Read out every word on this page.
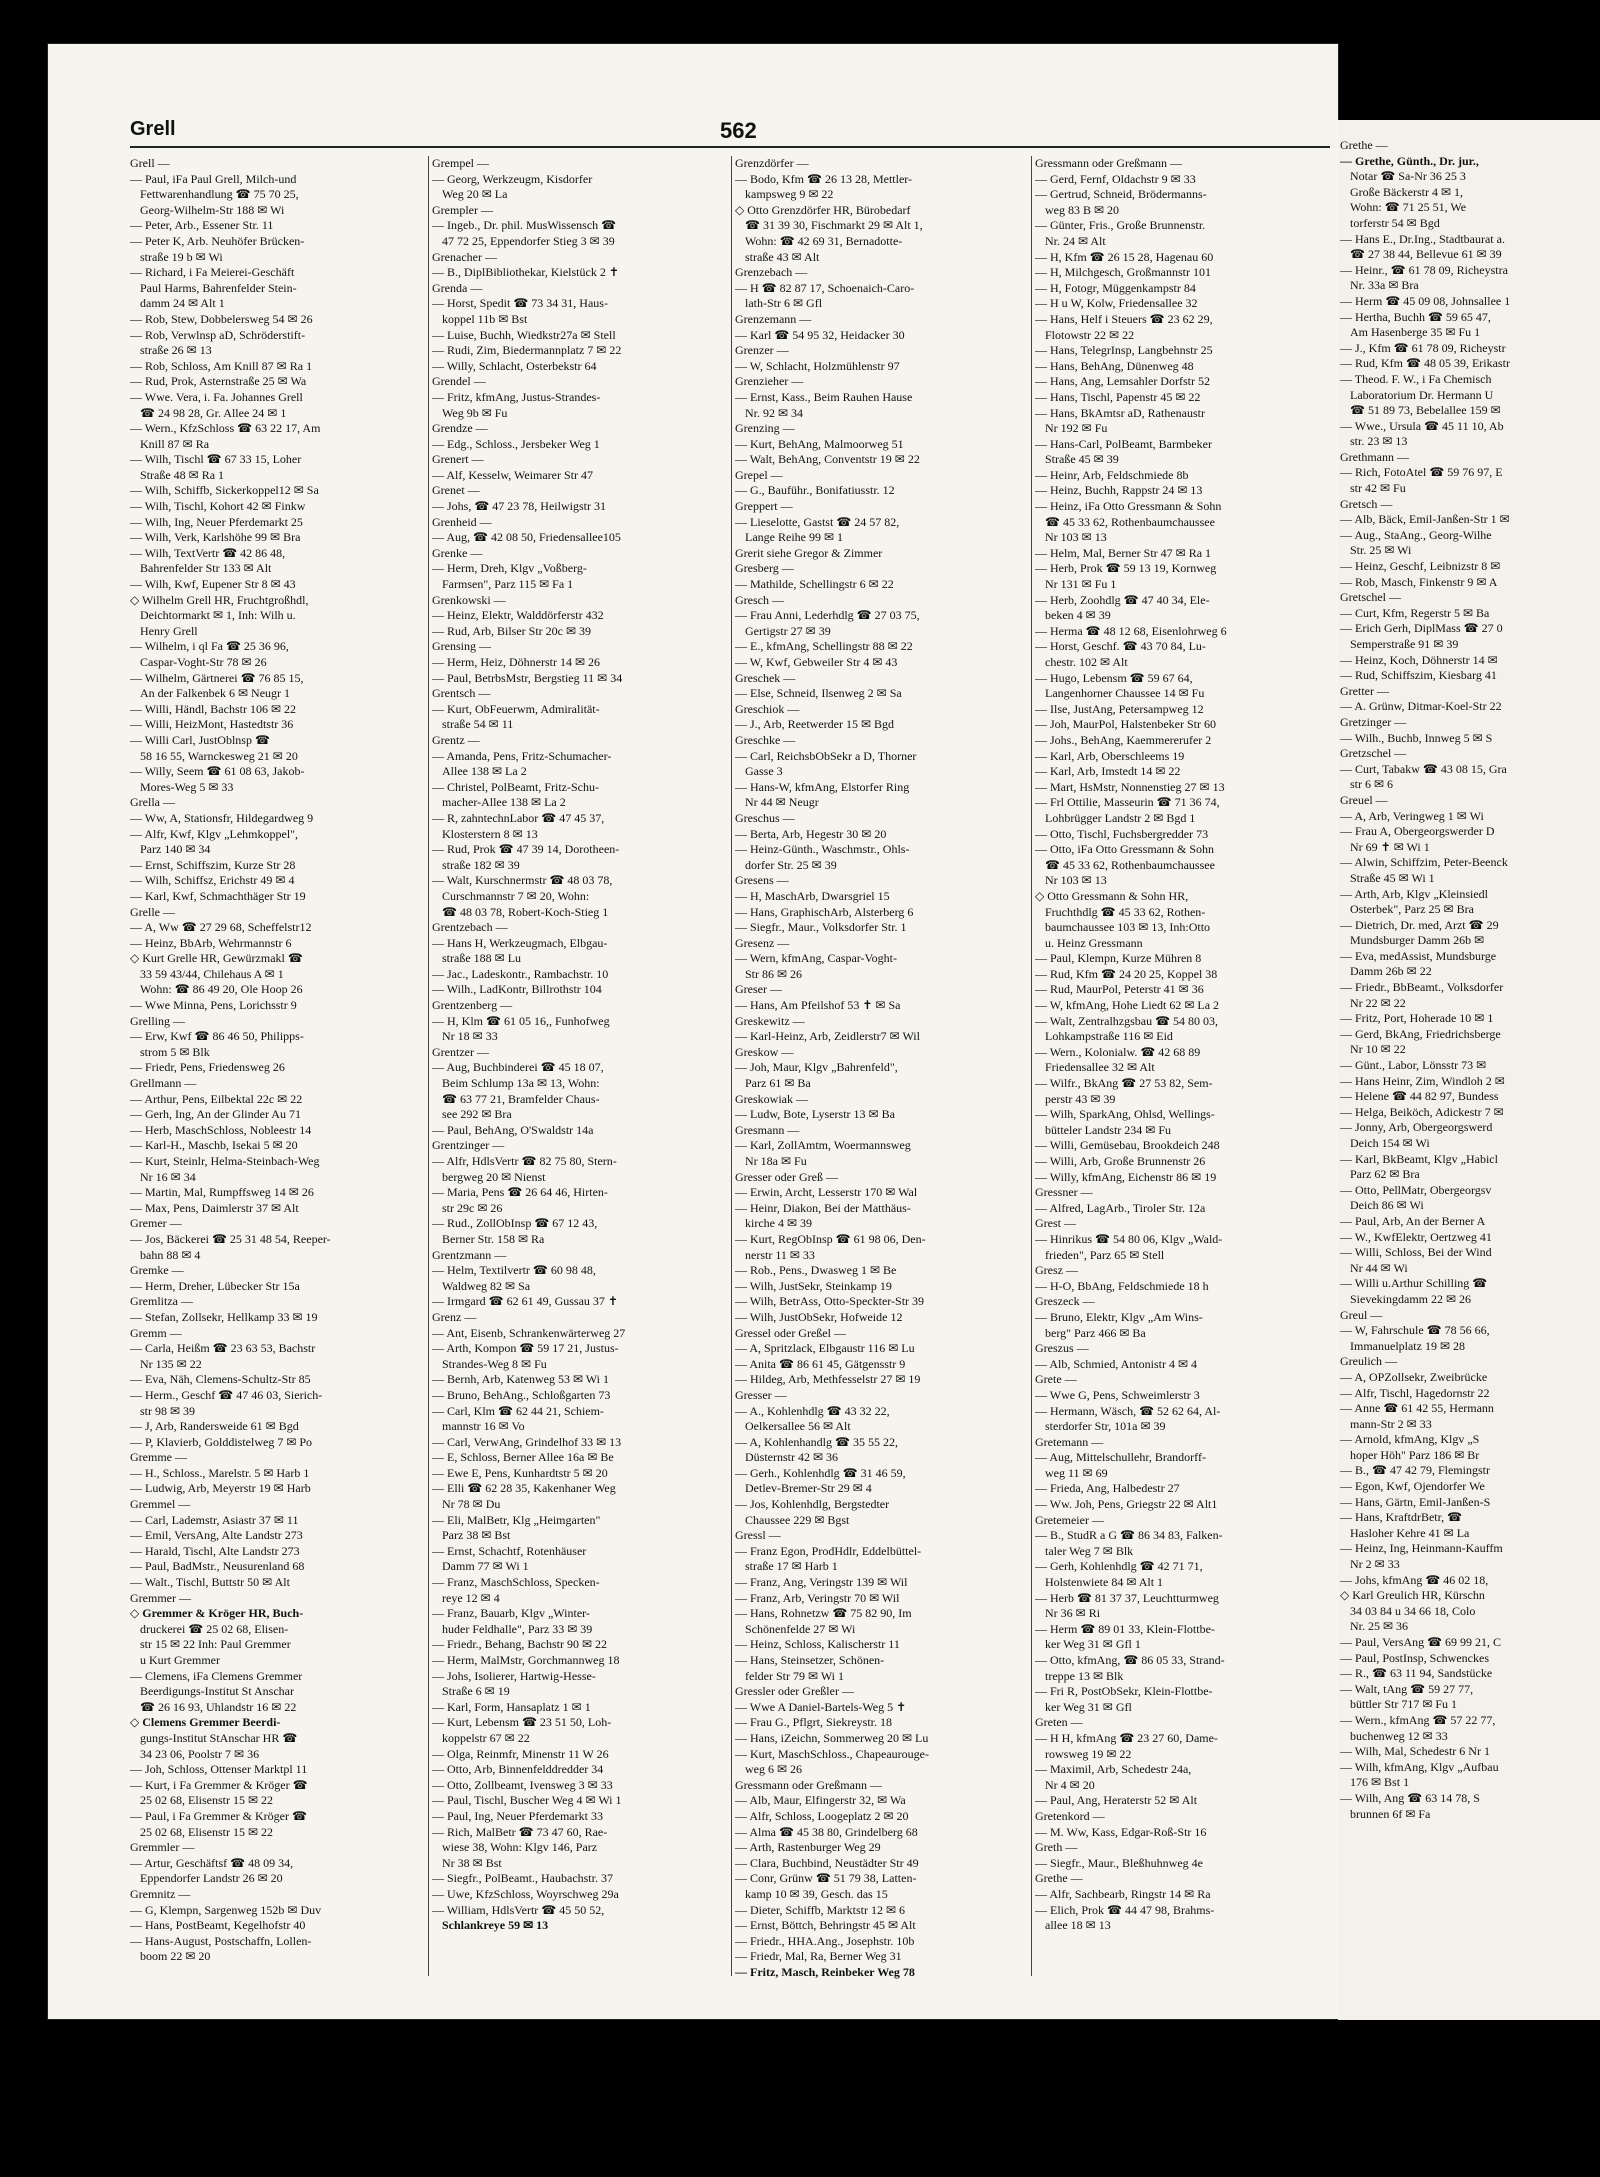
Grell	562
Grell —
— Paul, iFa Paul Grell, Milch-und
Fettwarenhandlung ☎ 75 70 25,
Georg-Wilhelm-Str 188 ✉ Wi
— Peter, Arb., Essener Str. 11
— Peter K, Arb. Neuhöfer Brücken-
straße 19 b ✉ Wi
— Richard, i Fa Meierei-Geschäft
Paul Harms, Bahrenfelder Stein-
damm 24 ✉ Alt 1
— Rob, Stew, Dobbelersweg 54 ✉ 26
— Rob, Verwlnsp aD, Schröderstift-
straße 26 ✉ 13
— Rob, Schloss, Am Knill 87 ✉ Ra 1
— Rud, Prok, Asternstraße 25 ✉ Wa
— Wwe. Vera, i. Fa. Johannes Grell
☎ 24 98 28, Gr. Allee 24 ✉ 1
— Wern., KfzSchloss ☎ 63 22 17, Am
Knill 87 ✉ Ra
— Wilh, Tischl ☎ 67 33 15, Loher
Straße 48 ✉ Ra 1
— Wilh, Schiffb, Sickerkoppel12 ✉ Sa
— Wilh, Tischl, Kohort 42 ✉ Finkw
— Wilh, Ing, Neuer Pferdemarkt 25
— Wilh, Verk, Karlshöhe 99 ✉ Bra
— Wilh, TextVertr ☎ 42 86 48,
Bahrenfelder Str 133 ✉ Alt
— Wilh, Kwf, Eupener Str 8 ✉ 43
◇ Wilhelm Grell HR, Fruchtgroßhdl,
Deichtormarkt ✉ 1, Inh: Wilh u.
Henry Grell
— Wilhelm, i ql Fa ☎ 25 36 96,
Caspar-Voght-Str 78 ✉ 26
— Wilhelm, Gärtnerei ☎ 76 85 15,
An der Falkenbek 6 ✉ Neugr 1
— Willi, Händl, Bachstr 106 ✉ 22
— Willi, HeizMont, Hastedtstr 36
— Willi Carl, JustOblnsp ☎
58 16 55, Warnckesweg 21 ✉ 20
— Willy, Seem ☎ 61 08 63, Jakob-
Mores-Weg 5 ✉ 33
Grella —
— Ww, A, Stationsfr, Hildegardweg 9
— Alfr, Kwf, Klgv „Lehmkoppel",
Parz 140 ✉ 34
— Ernst, Schiffszim, Kurze Str 28
— Wilh, Schiffsz, Erichstr 49 ✉ 4
— Karl, Kwf, Schmachthäger Str 19
Grelle —
— A, Ww ☎ 27 29 68, Scheffelstr12
— Heinz, BbArb, Wehrmannstr 6
◇ Kurt Grelle HR, Gewürzmakl ☎
33 59 43/44, Chilehaus A ✉ 1
Wohn: ☎ 86 49 20, Ole Hoop 26
— Wwe Minna, Pens, Lorichsstr 9
Grelling —
— Erw, Kwf ☎ 86 46 50, Philipps-
strom 5 ✉ Blk
— Friedr, Pens, Friedensweg 26
Grellmann —
— Arthur, Pens, Eilbektal 22c ✉ 22
— Gerh, Ing, An der Glinder Au 71
— Herb, MaschSchloss, Nobleestr 14
— Karl-H., Maschb, Isekai 5 ✉ 20
— Kurt, Steinlr, Helma-Steinbach-Weg
Nr 16 ✉ 34
— Martin, Mal, Rumpffsweg 14 ✉ 26
— Max, Pens, Daimlerstr 37 ✉ Alt
Gremer —
— Jos, Bäckerei ☎ 25 31 48 54, Reeper-
bahn 88 ✉ 4
Gremke —
— Herm, Dreher, Lübecker Str 15a
Gremlitza —
— Stefan, Zollsekr, Hellkamp 33 ✉ 19
Gremm —
— Carla, Heißm ☎ 23 63 53, Bachstr
Nr 135 ✉ 22
— Eva, Näh, Clemens-Schultz-Str 85
— Herm., Geschf ☎ 47 46 03, Sierich-
str 98 ✉ 39
— J, Arb, Randersweide 61 ✉ Bgd
— P, Klavierb, Golddistelweg 7 ✉ Po
Gremme —
— H., Schloss., Marelstr. 5 ✉ Harb 1
— Ludwig, Arb, Meyerstr 19 ✉ Harb
Gremmel —
— Carl, Lademstr, Asiastr 37 ✉ 11
— Emil, VersAng, Alte Landstr 273
— Harald, Tischl, Alte Landstr 273
— Paul, BadMstr., Neusurenland 68
— Walt., Tischl, Buttstr 50 ✉ Alt
Gremmer —
◇ Gremmer & Kröger HR, Buch-
druckerei ☎ 25 02 68, Elisen-
str 15 ✉ 22 Inh: Paul Gremmer
u Kurt Gremmer
— Clemens, iFa Clemens Gremmer
Beerdigungs-Institut St Anschar
☎ 26 16 93, Uhlandstr 16 ✉ 22
◇ Clemens Gremmer Beerdi-
gungs-Institut StAnschar HR ☎
34 23 06, Poolstr 7 ✉ 36
— Joh, Schloss, Ottenser Marktpl 11
— Kurt, i Fa Gremmer & Kröger ☎
25 02 68, Elisenstr 15 ✉ 22
— Paul, i Fa Gremmer & Kröger ☎
25 02 68, Elisenstr 15 ✉ 22
Gremmler —
— Artur, Geschäftsf ☎ 48 09 34,
Eppendorfer Landstr 26 ✉ 20
Gremnitz —
— G, Klempn, Sargenweg 152b ✉ Duv
— Hans, PostBeamt, Kegelhofstr 40
— Hans-August, Postschaffn, Lollen-
boom 22 ✉ 20
Grempel —
— Georg, Werkzeugm, Kisdorfer
Weg 20 ✉ La
Grempler —
— Ingeb., Dr. phil. MusWissensch ☎
47 72 25, Eppendorfer Stieg 3 ✉ 39
Grenacher —
— B., DiplBibliothekar, Kielstück 2 ✝
Grenda —
— Horst, Spedit ☎ 73 34 31, Haus-
koppel 11b ✉ Bst
— Luise, Buchh, Wiedkstr27a ✉ Stell
— Rudi, Zim, Biedermannplatz 7 ✉ 22
— Willy, Schlacht, Osterbekstr 64
Grendel —
— Fritz, kfmAng, Justus-Strandes-
Weg 9b ✉ Fu
Grendze —
— Edg., Schloss., Jersbeker Weg 1
Grenert —
— Alf, Kesselw, Weimarer Str 47
Grenet —
— Johs, ☎ 47 23 78, Heilwigstr 31
Grenheid —
— Aug, ☎ 42 08 50, Friedensallee105
Grenke —
— Herm, Dreh, Klgv „Voßberg-
Farmsen", Parz 115 ✉ Fa 1
Grenkowski —
— Heinz, Elektr, Walddörferstr 432
— Rud, Arb, Bilser Str 20c ✉ 39
Grensing —
— Herm, Heiz, Döhnerstr 14 ✉ 26
— Paul, BetrbsMstr, Bergstieg 11 ✉ 34
Grentsch —
— Kurt, ObFeuerwm, Admiralität-
straße 54 ✉ 11
Grentz —
— Amanda, Pens, Fritz-Schumacher-
Allee 138 ✉ La 2
— Christel, PolBeamt, Fritz-Schu-
macher-Allee 138 ✉ La 2
— R, zahntechnLabor ☎ 47 45 37,
Klosterstern 8 ✉ 13
— Rud, Prok ☎ 47 39 14, Dorotheen-
straße 182 ✉ 39
— Walt, Kurschnermstr ☎ 48 03 78,
Curschmannstr 7 ✉ 20, Wohn:
☎ 48 03 78, Robert-Koch-Stieg 1
Grentzebach —
— Hans H, Werkzeugmach, Elbgau-
straße 188 ✉ Lu
— Jac., Ladeskontr., Rambachstr. 10
— Wilh., LadKontr, Billrothstr 104
Grentzenberg —
— H, Klm ☎ 61 05 16,, Funhofweg
Nr 18 ✉ 33
Grentzer —
— Aug, Buchbinderei ☎ 45 18 07,
Beim Schlump 13a ✉ 13, Wohn:
☎ 63 77 21, Bramfelder Chaus-
see 292 ✉ Bra
— Paul, BehAng, O'Swaldstr 14a
Grentzinger —
— Alfr, HdlsVertr ☎ 82 75 80, Stern-
bergweg 20 ✉ Nienst
— Maria, Pens ☎ 26 64 46, Hirten-
str 29c ✉ 26
— Rud., ZollObInsp ☎ 67 12 43,
Berner Str. 158 ✉ Ra
Grentzmann —
— Helm, Textilvertr ☎ 60 98 48,
Waldweg 82 ✉ Sa
— Irmgard ☎ 62 61 49, Gussau 37 ✝
Grenz —
— Ant, Eisenb, Schrankenwärterweg 27
— Arth, Kompon ☎ 59 17 21, Justus-
Strandes-Weg 8 ✉ Fu
— Bernh, Arb, Katenweg 53 ✉ Wi 1
— Bruno, BehAng., Schloßgarten 73
— Carl, Klm ☎ 62 44 21, Schiem-
mannstr 16 ✉ Vo
— Carl, VerwAng, Grindelhof 33 ✉ 13
— E, Schloss, Berner Allee 16a ✉ Be
— Ewe E, Pens, Kunhardtstr 5 ✉ 20
— Elli ☎ 62 28 35, Kakenhaner Weg
Nr 78 ✉ Du
— Eli, MalBetr, Klg „Heimgarten"
Parz 38 ✉ Bst
— Ernst, Schachtf, Rotenhäuser
Damm 77 ✉ Wi 1
— Franz, MaschSchloss, Specken-
reye 12 ✉ 4
— Franz, Bauarb, Klgv „Winter-
huder Feldhalle", Parz 33 ✉ 39
— Friedr., Behang, Bachstr 90 ✉ 22
— Herm, MalMstr, Gorchmannweg 18
— Johs, Isolierer, Hartwig-Hesse-
Straße 6 ✉ 19
— Karl, Form, Hansaplatz 1 ✉ 1
— Kurt, Lebensm ☎ 23 51 50, Loh-
koppelstr 67 ✉ 22
— Olga, Reinmfr, Minenstr 11 W 26
— Otto, Arb, Binnenfelddredder 34
— Otto, Zollbeamt, Ivensweg 3 ✉ 33
— Paul, Tischl, Buscher Weg 4 ✉ Wi 1
— Paul, Ing, Neuer Pferdemarkt 33
— Rich, MalBetr ☎ 73 47 60, Rae-
wiese 38, Wohn: Klgv 146, Parz
Nr 38 ✉ Bst
— Siegfr., PolBeamt., Haubachstr. 37
— Uwe, KfzSchloss, Woyrschweg 29a
— William, HdlsVertr ☎ 45 50 52,
Schlankreye 59 ✉ 13
Grenzdörfer —
— Bodo, Kfm ☎ 26 13 28, Mettler-
kampsweg 9 ✉ 22
◇ Otto Grenzdörfer HR, Bürobedarf
☎ 31 39 30, Fischmarkt 29 ✉ Alt 1,
Wohn: ☎ 42 69 31, Bernadotte-
straße 43 ✉ Alt
Grenzebach —
— H ☎ 82 87 17, Schoenaich-Caro-
lath-Str 6 ✉ Gfl
Grenzemann —
— Karl ☎ 54 95 32, Heidacker 30
Grenzer —
— W, Schlacht, Holzmühlenstr 97
Grenzieher —
— Ernst, Kass., Beim Rauhen Hause
Nr. 92 ✉ 34
Grenzing —
— Kurt, BehAng, Malmoorweg 51
— Walt, BehAng, Conventstr 19 ✉ 22
Grepel —
— G., Bauführ., Bonifatiusstr. 12
Greppert —
— Lieselotte, Gastst ☎ 24 57 82,
Lange Reihe 99 ✉ 1
Grerit siehe Gregor & Zimmer
Gresberg —
— Mathilde, Schellingstr 6 ✉ 22
Gresch —
— Frau Anni, Lederhdlg ☎ 27 03 75,
Gertigstr 27 ✉ 39
— E., kfmAng, Schellingstr 88 ✉ 22
— W, Kwf, Gebweiler Str 4 ✉ 43
Greschek —
— Else, Schneid, Ilsenweg 2 ✉ Sa
Greschiok —
— J., Arb, Reetwerder 15 ✉ Bgd
Greschke —
— Carl, ReichsbObSekr a D, Thorner
Gasse 3
— Hans-W, kfmAng, Elstorfer Ring
Nr 44 ✉ Neugr
Greschus —
— Berta, Arb, Hegestr 30 ✉ 20
— Heinz-Günth., Waschmstr., Ohls-
dorfer Str. 25 ✉ 39
Gresens —
— H, MaschArb, Dwarsgriel 15
— Hans, GraphischArb, Alsterberg 6
— Siegfr., Maur., Volksdorfer Str. 1
Gresenz —
— Wern, kfmAng, Caspar-Voght-
Str 86 ✉ 26
Greser —
— Hans, Am Pfeilshof 53 ✝ ✉ Sa
Greskewitz —
— Karl-Heinz, Arb, Zeidlerstr7 ✉ Wil
Greskow —
— Joh, Maur, Klgv „Bahrenfeld",
Parz 61 ✉ Ba
Greskowiak —
— Ludw, Bote, Lyserstr 13 ✉ Ba
Gresmann —
— Karl, ZollAmtm, Woermannsweg
Nr 18a ✉ Fu
Gresser oder Greß —
— Erwin, Archt, Lesserstr 170 ✉ Wal
— Heinr, Diakon, Bei der Matthäus-
kirche 4 ✉ 39
— Kurt, RegObInsp ☎ 61 98 06, Den-
nerstr 11 ✉ 33
— Rob., Pens., Dwasweg 1 ✉ Be
— Wilh, JustSekr, Steinkamp 19
— Wilh, BetrAss, Otto-Speckter-Str 39
— Wilh, JustObSekr, Hofweide 12
Gressel oder Greßel —
— A, Spritzlack, Elbgaustr 116 ✉ Lu
— Anita ☎ 86 61 45, Gätgensstr 9
— Hildeg, Arb, Methfesselstr 27 ✉ 19
Gresser —
— A., Kohlenhdlg ☎ 43 32 22,
Oelkersallee 56 ✉ Alt
— A, Kohlenhandlg ☎ 35 55 22,
Düsternstr 42 ✉ 36
— Gerh., Kohlenhdlg ☎ 31 46 59,
Detlev-Bremer-Str 29 ✉ 4
— Jos, Kohlenhdlg, Bergstedter
Chaussee 229 ✉ Bgst
Gressl —
— Franz Egon, ProdHdlr, Eddelbüttel-
straße 17 ✉ Harb 1
— Franz, Ang, Veringstr 139 ✉ Wil
— Franz, Arb, Veringstr 70 ✉ Wil
— Hans, Rohnetzw ☎ 75 82 90, Im
Schönenfelde 27 ✉ Wi
— Heinz, Schloss, Kalischerstr 11
— Hans, Steinsetzer, Schönen-
felder Str 79 ✉ Wi 1
Gressler oder Greßler —
— Wwe A Daniel-Bartels-Weg 5 ✝
— Frau G., Pflgrt, Siekreystr. 18
— Hans, iZeichn, Sommerweg 20 ✉ Lu
— Kurt, MaschSchloss., Chapeaurouge-
weg 6 ✉ 26
Gressmann oder Greßmann —
— Alb, Maur, Elfingerstr 32, ✉ Wa
— Alfr, Schloss, Loogeplatz 2 ✉ 20
— Alma ☎ 45 38 80, Grindelberg 68
— Arth, Rastenburger Weg 29
— Clara, Buchbind, Neustädter Str 49
— Conr, Grünw ☎ 51 79 38, Latten-
kamp 10 ✉ 39, Gesch. das 15
— Dieter, Schiffb, Marktstr 12 ✉ 6
— Ernst, Böttch, Behringstr 45 ✉ Alt
— Friedr., HHA.Ang., Josephstr. 10b
— Friedr, Mal, Ra, Berner Weg 31
— Fritz, Masch, Reinbeker Weg 78
Gressmann oder Greßmann —
— Gerd, Fernf, Oldachstr 9 ✉ 33
— Gertrud, Schneid, Brödermanns-
weg 83 B ✉ 20
— Günter, Fris., Große Brunnenstr.
Nr. 24 ✉ Alt
— H, Kfm ☎ 26 15 28, Hagenau 60
— H, Milchgesch, Großmannstr 101
— H, Fotogr, Müggenkampstr 84
— H u W, Kolw, Friedensallee 32
— Hans, Helf i Steuers ☎ 23 62 29,
Flotowstr 22 ✉ 22
— Hans, TelegrInsp, Langbehnstr 25
— Hans, BehAng, Dünenweg 48
— Hans, Ang, Lemsahler Dorfstr 52
— Hans, Tischl, Papenstr 45 ✉ 22
— Hans, BkAmtsr aD, Rathenaustr
Nr 192 ✉ Fu
— Hans-Carl, PolBeamt, Barmbeker
Straße 45 ✉ 39
— Heinr, Arb, Feldschmiede 8b
— Heinz, Buchh, Rappstr 24 ✉ 13
— Heinz, iFa Otto Gressmann & Sohn
☎ 45 33 62, Rothenbaumchaussee
Nr 103 ✉ 13
— Helm, Mal, Berner Str 47 ✉ Ra 1
— Herb, Prok ☎ 59 13 19, Kornweg
Nr 131 ✉ Fu 1
— Herb, Zoohdlg ☎ 47 40 34, Ele-
beken 4 ✉ 39
— Herma ☎ 48 12 68, Eisenlohrweg 6
— Horst, Geschf. ☎ 43 70 84, Lu-
chestr. 102 ✉ Alt
— Hugo, Lebensm ☎ 59 67 64,
Langenhorner Chaussee 14 ✉ Fu
— Ilse, JustAng, Petersampweg 12
— Joh, MaurPol, Halstenbeker Str 60
— Johs., BehAng, Kaemmererufer 2
— Karl, Arb, Oberschleems 19
— Karl, Arb, Imstedt 14 ✉ 22
— Mart, HsMstr, Nonnenstieg 27 ✉ 13
— Frl Ottilie, Masseurin ☎ 71 36 74,
Lohbrügger Landstr 2 ✉ Bgd 1
— Otto, Tischl, Fuchsbergredder 73
— Otto, iFa Otto Gressmann & Sohn
☎ 45 33 62, Rothenbaumchaussee
Nr 103 ✉ 13
◇ Otto Gressmann & Sohn HR,
Fruchthdlg ☎ 45 33 62, Rothen-
baumchaussee 103 ✉ 13, Inh:Otto
u. Heinz Gressmann
— Paul, Klempn, Kurze Mühren 8
— Rud, Kfm ☎ 24 20 25, Koppel 38
— Rud, MaurPol, Peterstr 41 ✉ 36
— W, kfmAng, Hohe Liedt 62 ✉ La 2
— Walt, Zentralhzgsbau ☎ 54 80 03,
Lohkampstraße 116 ✉ Eid
— Wern., Kolonialw. ☎ 42 68 89
Friedensallee 32 ✉ Alt
— Wilfr., BkAng ☎ 27 53 82, Sem-
perstr 43 ✉ 39
— Wilh, SparkAng, Ohlsd, Wellings-
bütteler Landstr 234 ✉ Fu
— Willi, Gemüsebau, Brookdeich 248
— Willi, Arb, Große Brunnenstr 26
— Willy, kfmAng, Eichenstr 86 ✉ 19
Gressner —
— Alfred, LagArb., Tiroler Str. 12a
Grest —
— Hinrikus ☎ 54 80 06, Klgv „Wald-
frieden", Parz 65 ✉ Stell
Gresz —
— H-O, BbAng, Feldschmiede 18 h
Greszeck —
— Bruno, Elektr, Klgv „Am Wins-
berg" Parz 466 ✉ Ba
Greszus —
— Alb, Schmied, Antonistr 4 ✉ 4
Grete —
— Wwe G, Pens, Schweimlerstr 3
— Hermann, Wäsch, ☎ 52 62 64, Al-
sterdorfer Str, 101a ✉ 39
Gretemann —
— Aug, Mittelschullehr, Brandorff-
weg 11 ✉ 69
— Frieda, Ang, Halbedestr 27
— Ww. Joh, Pens, Griegstr 22 ✉ Alt1
Gretemeier —
— B., StudR a G ☎ 86 34 83, Falken-
taler Weg 7 ✉ Blk
— Gerh, Kohlenhdlg ☎ 42 71 71,
Holstenwiete 84 ✉ Alt 1
— Herb ☎ 81 37 37, Leuchtturmweg
Nr 36 ✉ Ri
— Herm ☎ 89 01 33, Klein-Flottbe-
ker Weg 31 ✉ Gfl 1
— Otto, kfmAng, ☎ 86 05 33, Strand-
treppe 13 ✉ Blk
— Fri R, PostObSekr, Klein-Flottbe-
ker Weg 31 ✉ Gfl
Greten —
— H H, kfmAng ☎ 23 27 60, Dame-
rowsweg 19 ✉ 22
— Maximil, Arb, Schedestr 24a,
Nr 4 ✉ 20
— Paul, Ang, Heraterstr 52 ✉ Alt
Gretenkord —
— M. Ww, Kass, Edgar-Roß-Str 16
Greth —
— Siegfr., Maur., Bleßhuhnweg 4e
Grethe —
— Alfr, Sachbearb, Ringstr 14 ✉ Ra
— Elich, Prok ☎ 44 47 98, Brahms-
allee 18 ✉ 13
Grethe —
— Grethe, Günth., Dr. jur.,
Notar ☎ Sa-Nr 36 25 3
Große Bäckerstr 4 ✉ 1,
Wohn: ☎ 71 25 51, We
torferstr 54 ✉ Bgd
— Hans E., Dr.Ing., Stadtbaurat a.
☎ 27 38 44, Bellevue 61 ✉ 39
— Heinr., ☎ 61 78 09, Richeystra
Nr. 33a ✉ Bra
— Herm ☎ 45 09 08, Johnsallee 1
— Hertha, Buchh ☎ 59 65 47,
Am Hasenberge 35 ✉ Fu 1
— J., Kfm ☎ 61 78 09, Richeystr
— Rud, Kfm ☎ 48 05 39, Erikastr
— Theod. F. W., i Fa Chemisch
Laboratorium Dr. Hermann U
☎ 51 89 73, Bebelallee 159 ✉
— Wwe., Ursula ☎ 45 11 10, Ab
str. 23 ✉ 13
Grethmann —
— Rich, FotoAtel ☎ 59 76 97, E
str 42 ✉ Fu
Gretsch —
— Alb, Bäck, Emil-Janßen-Str 1 ✉
— Aug., StaAng., Georg-Wilhe
Str. 25 ✉ Wi
— Heinz, Geschf, Leibnizstr 8 ✉
— Rob, Masch, Finkenstr 9 ✉ A
Gretschel —
— Curt, Kfm, Regerstr 5 ✉ Ba
— Erich Gerh, DiplMass ☎ 27 0
Semperstraße 91 ✉ 39
— Heinz, Koch, Döhnerstr 14 ✉
— Rud, Schiffszim, Kiesbarg 41
Gretter —
— A. Grünw, Ditmar-Koel-Str 22
Gretzinger —
— Wilh., Buchb, Innweg 5 ✉ S
Gretzschel —
— Curt, Tabakw ☎ 43 08 15, Gra
str 6 ✉ 6
Greuel —
— A, Arb, Veringweg 1 ✉ Wi
— Frau A, Obergeorgswerder D
Nr 69 ✝ ✉ Wi 1
— Alwin, Schiffzim, Peter-Beenck
Straße 45 ✉ Wi 1
— Arth, Arb, Klgv „Kleinsiedl
Osterbek", Parz 25 ✉ Bra
— Dietrich, Dr. med, Arzt ☎ 29
Mundsburger Damm 26b ✉
— Eva, medAssist, Mundsburge
Damm 26b ✉ 22
— Friedr., BbBeamt., Volksdorfer
Nr 22 ✉ 22
— Fritz, Port, Hoheradе 10 ✉ 1
— Gerd, BkAng, Friedrichsberge
Nr 10 ✉ 22
— Günt., Labor, Lönsstr 73 ✉
— Hans Heinr, Zim, Windloh 2 ✉
— Helene ☎ 44 82 97, Bundess
— Helga, Beiköch, Adickestr 7 ✉
— Jonny, Arb, Obergeorgswerd
Deich 154 ✉ Wi
— Karl, BkBeamt, Klgv „Habicl
Parz 62 ✉ Bra
— Otto, PellMatr, Obergeorgsv
Deich 86 ✉ Wi
— Paul, Arb, An der Berner A
— W., KwfElektr, Oertzweg 41
— Willi, Schloss, Bei der Wind
Nr 44 ✉ Wi
— Willi u.Arthur Schilling ☎
Sievekingdamm 22 ✉ 26
Greul —
— W, Fahrschule ☎ 78 56 66,
Immanuelplatz 19 ✉ 28
Greulich —
— A, OPZollsekr, Zweibrücke
— Alfr, Tischl, Hagedornstr 22
— Anne ☎ 61 42 55, Hermann
mann-Str 2 ✉ 33
— Arnold, kfmAng, Klgv „S
hoper Höh" Parz 186 ✉ Br
— B., ☎ 47 42 79, Flemingstr
— Egon, Kwf, Ojendorfer We
— Hans, Gärtn, Emil-Janßen-S
— Hans, KraftdrBetr, ☎
Hasloher Kehre 41 ✉ La
— Heinz, Ing, Heinmann-Kauffm
Nr 2 ✉ 33
— Johs, kfmAng ☎ 46 02 18,
◇ Karl Greulich HR, Kürschn
34 03 84 u 34 66 18, Colo
Nr. 25 ✉ 36
— Paul, VersAng ☎ 69 99 21, C
— Paul, PostInsp, Schwenckes
— R., ☎ 63 11 94, Sandstücke
— Walt, tAng ☎ 59 27 77,
büttler Str 717 ✉ Fu 1
— Wern., kfmAng ☎ 57 22 77,
buchenweg 12 ✉ 33
— Wilh, Mal, Schedestr 6 Nr 1
— Wilh, kfmAng, Klgv „Aufbau
176 ✉ Bst 1
— Wilh, Ang ☎ 63 14 78, S
brunnen 6f ✉ Fa
